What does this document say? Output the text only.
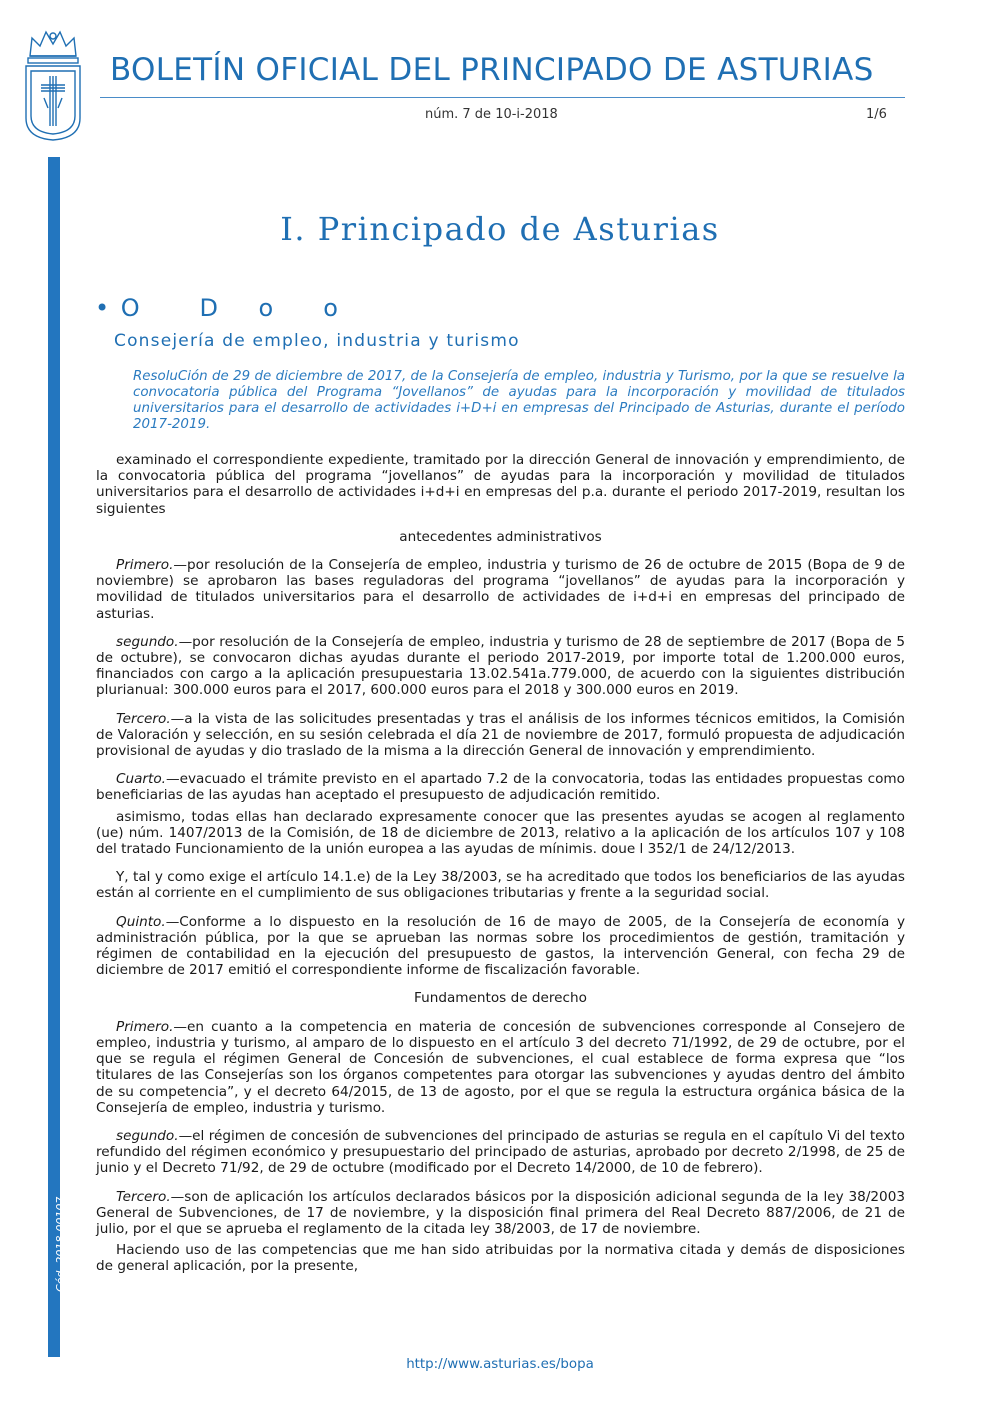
BOLETÍN OFICIAL DEL PRINCIPADO DE ASTURIAS
núm. 7 de 10-i-2018	1/6
Cód. 2018-00107
I. Principado de Asturias
• O      D    o     o
Consejería de empleo, industria y turismo
ResoluCión de 29 de diciembre de 2017, de la Consejería de empleo, industria y Turismo, por la que se resuelve la convocatoria pública del Programa “Jovellanos” de ayudas para la incorporación y movilidad de titulados universitarios para el desarrollo de actividades i+D+i en empresas del Principado de Asturias, durante el período 2017-2019.

examinado el correspondiente expediente, tramitado por la dirección General de innovación y emprendimiento, de la convocatoria pública del programa “jovellanos” de ayudas para la incorporación y movilidad de titulados universitarios para el desarrollo de actividades i+d+i en empresas del p.a. durante el periodo 2017-2019, resultan los siguientes

antecedentes administrativos

Primero.—por resolución de la Consejería de empleo, industria y turismo de 26 de octubre de 2015 (Bopa de 9 de noviembre) se aprobaron las bases reguladoras del programa “jovellanos” de ayudas para la incorporación y movilidad de titulados universitarios para el desarrollo de actividades de i+d+i en empresas del principado de asturias.

segundo.—por resolución de la Consejería de empleo, industria y turismo de 28 de septiembre de 2017 (Bopa de 5 de octubre), se convocaron dichas ayudas durante el periodo 2017-2019, por importe total de 1.200.000 euros, financiados con cargo a la aplicación presupuestaria 13.02.541a.779.000, de acuerdo con la siguientes distribución plurianual: 300.000 euros para el 2017, 600.000 euros para el 2018 y 300.000 euros en 2019.

Tercero.—a la vista de las solicitudes presentadas y tras el análisis de los informes técnicos emitidos, la Comisión de Valoración y selección, en su sesión celebrada el día 21 de noviembre de 2017, formuló propuesta de adjudicación provisional de ayudas y dio traslado de la misma a la dirección General de innovación y emprendimiento.

Cuarto.—evacuado el trámite previsto en el apartado 7.2 de la convocatoria, todas las entidades propuestas como beneficiarias de las ayudas han aceptado el presupuesto de adjudicación remitido.

asimismo, todas ellas han declarado expresamente conocer que las presentes ayudas se acogen al reglamento (ue) núm. 1407/2013 de la Comisión, de 18 de diciembre de 2013, relativo a la aplicación de los artículos 107 y 108 del tratado Funcionamiento de la unión europea a las ayudas de mínimis. doue l 352/1 de 24/12/2013.

Y, tal y como exige el artículo 14.1.e) de la Ley 38/2003, se ha acreditado que todos los beneficiarios de las ayudas están al corriente en el cumplimiento de sus obligaciones tributarias y frente a la seguridad social.

Quinto.—Conforme a lo dispuesto en la resolución de 16 de mayo de 2005, de la Consejería de economía y administración pública, por la que se aprueban las normas sobre los procedimientos de gestión, tramitación y régimen de contabilidad en la ejecución del presupuesto de gastos, la intervención General, con fecha 29 de diciembre de 2017 emitió el correspondiente informe de fiscalización favorable.

Fundamentos de derecho

Primero.—en cuanto a la competencia en materia de concesión de subvenciones corresponde al Consejero de empleo, industria y turismo, al amparo de lo dispuesto en el artículo 3 del decreto 71/1992, de 29 de octubre, por el que se regula el régimen General de Concesión de subvenciones, el cual establece de forma expresa que “los titulares de las Consejerías son los órganos competentes para otorgar las subvenciones y ayudas dentro del ámbito de su competencia”, y el decreto 64/2015, de 13 de agosto, por el que se regula la estructura orgánica básica de la Consejería de empleo, industria y turismo.

segundo.—el régimen de concesión de subvenciones del principado de asturias se regula en el capítulo Vi del texto refundido del régimen económico y presupuestario del principado de asturias, aprobado por decreto 2/1998, de 25 de junio y el Decreto 71/92, de 29 de octubre (modificado por el Decreto 14/2000, de 10 de febrero).

Tercero.—son de aplicación los artículos declarados básicos por la disposición adicional segunda de la ley 38/2003 General de Subvenciones, de 17 de noviembre, y la disposición final primera del Real Decreto 887/2006, de 21 de julio, por el que se aprueba el reglamento de la citada ley 38/2003, de 17 de noviembre.

Haciendo uso de las competencias que me han sido atribuidas por la normativa citada y demás de disposiciones de general aplicación, por la presente,

http://www.asturias.es/bopa
